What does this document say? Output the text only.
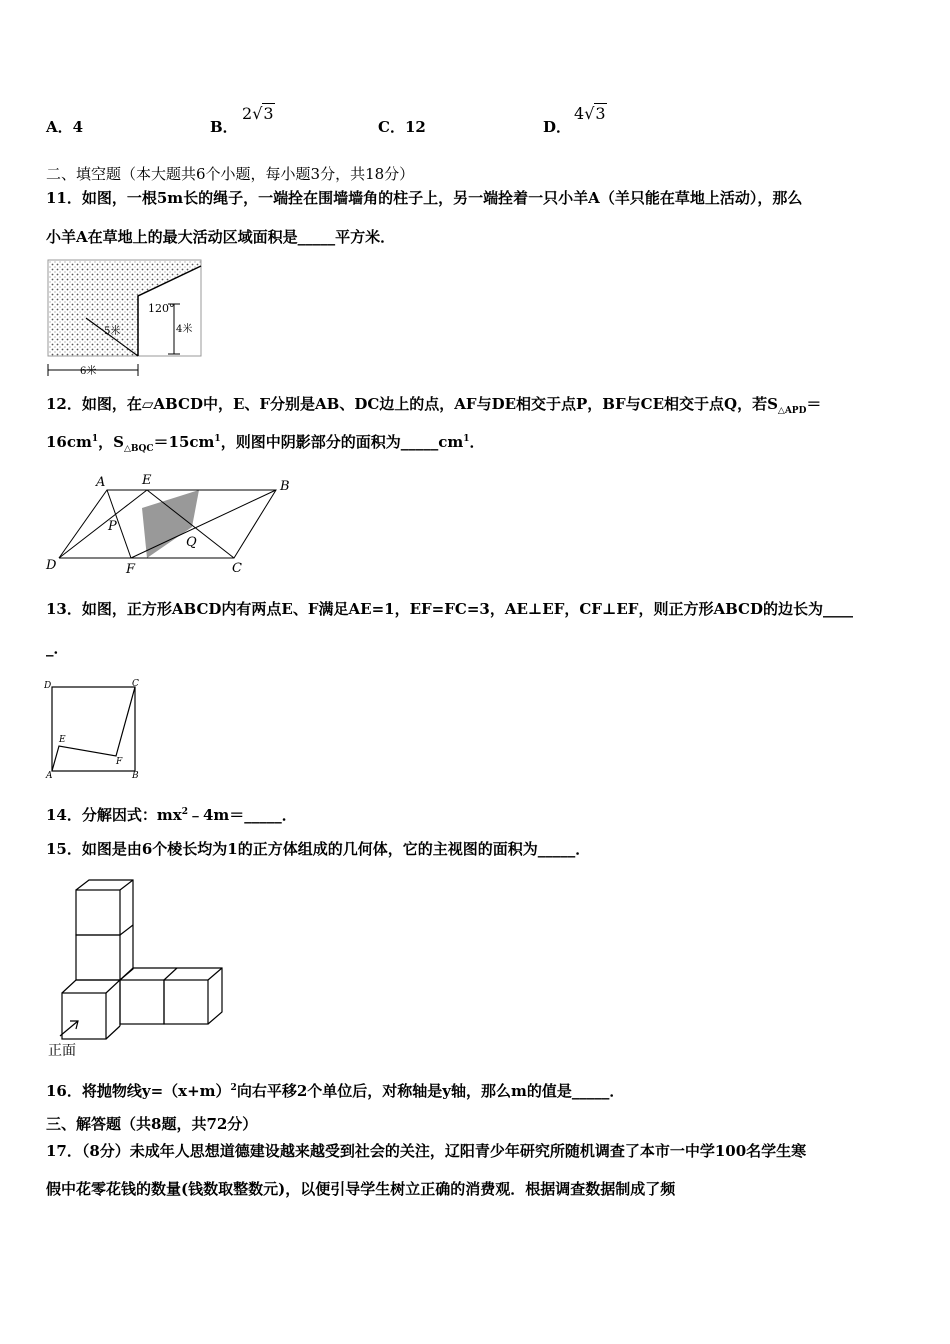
A．4	B．
2√3
C．12	D．
4√3
二、填空题（本大题共6个小题，每小题3分，共18分）
11．如图，一根5m长的绳子，一端拴在围墙墙角的柱子上，另一端拴着一只小羊A（羊只能在草地上活动），那么
小羊A在草地上的最大活动区域面积是_____平方米．
120°
5米	4米
6米
12．如图，在▱ABCD中，E、F分别是AB、DC边上的点，AF与DE相交于点P，BF与CE相交于点Q，若$S_{\triangle APD}=$
$16cm^1$，$S_{\triangle BQC}=15cm^1$，则图中阴影部分的面积为$\_\_\_\_\_cm^1$．
A	E	B
P
Q
D	F	C
13．如图，正方形ABCD内有两点E、F满足AE=1，EF=FC=3，AE⊥EF，CF⊥EF，则正方形ABCD的边长为____
_．
D	C
E
F
A	B
14．分解因式：$mx^2﹣4m=\_\_\_\_\_$．
15．如图是由6个棱长均为1的正方体组成的几何体，它的主视图的面积为_____．
正面
16．将抛物线$y=(x+m)^2$向右平移2个单位后，对称轴是y轴，那么m的值是_____．
三、解答题（共8题，共72分）
17．（8分）未成年人思想道德建设越来越受到社会的关注，辽阳青少年研究所随机调查了本市一中学100名学生寒
假中花零花钱的数量(钱数取整数元)，以便引导学生树立正确的消费观．根据调查数据制成了频
